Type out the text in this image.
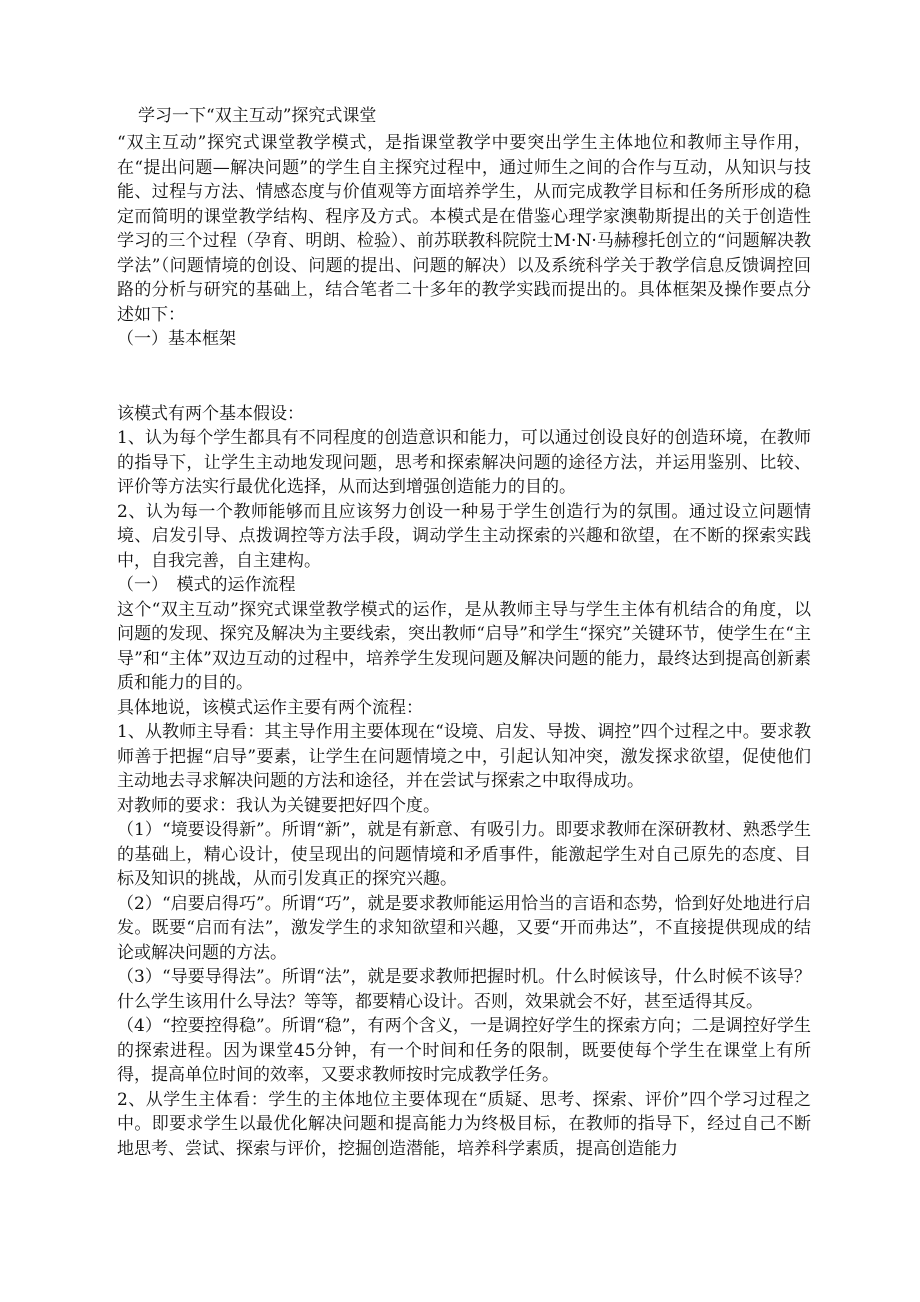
学习一下“双主互动”探究式课堂

“双主互动”探究式课堂教学模式，是指课堂教学中要突出学生主体地位和教师主导作用，在“提出问题—解决问题”的学生自主探究过程中，通过师生之间的合作与互动，从知识与技能、过程与方法、情感态度与价值观等方面培养学生，从而完成教学目标和任务所形成的稳定而简明的课堂教学结构、程序及方式。本模式是在借鉴心理学家澳勒斯提出的关于创造性学习的三个过程（孕育、明朗、检验）、前苏联教科院院士M·N·马赫穆托创立的“问题解决教学法”（问题情境的创设、问题的提出、问题的解决）以及系统科学关于教学信息反馈调控回路的分析与研究的基础上，结合笔者二十多年的教学实践而提出的。具体框架及操作要点分述如下：

（一）基本框架

该模式有两个基本假设：

1、认为每个学生都具有不同程度的创造意识和能力，可以通过创设良好的创造环境，在教师的指导下，让学生主动地发现问题，思考和探索解决问题的途径方法，并运用鉴别、比较、评价等方法实行最优化选择，从而达到增强创造能力的目的。

2、认为每一个教师能够而且应该努力创设一种易于学生创造行为的氛围。通过设立问题情境、启发引导、点拨调控等方法手段，调动学生主动探索的兴趣和欲望，在不断的探索实践中，自我完善，自主建构。

（一）　模式的运作流程

这个“双主互动”探究式课堂教学模式的运作，是从教师主导与学生主体有机结合的角度，以问题的发现、探究及解决为主要线索，突出教师“启导”和学生“探究”关键环节，使学生在“主导”和“主体”双边互动的过程中，培养学生发现问题及解决问题的能力，最终达到提高创新素质和能力的目的。

具体地说，该模式运作主要有两个流程：

1、从教师主导看：其主导作用主要体现在“设境、启发、导拨、调控”四个过程之中。要求教师善于把握“启导”要素，让学生在问题情境之中，引起认知冲突，激发探求欲望，促使他们主动地去寻求解决问题的方法和途径，并在尝试与探索之中取得成功。

对教师的要求：我认为关键要把好四个度。

（1）“境要设得新”。所谓“新”，就是有新意、有吸引力。即要求教师在深研教材、熟悉学生的基础上，精心设计，使呈现出的问题情境和矛盾事件，能激起学生对自己原先的态度、目标及知识的挑战，从而引发真正的探究兴趣。

（2）“启要启得巧”。所谓“巧”，就是要求教师能运用恰当的言语和态势，恰到好处地进行启发。既要“启而有法”，激发学生的求知欲望和兴趣，又要“开而弗达”，不直接提供现成的结论或解决问题的方法。

（3）“导要导得法”。所谓“法”，就是要求教师把握时机。什么时候该导，什么时候不该导？什么学生该用什么导法？等等，都要精心设计。否则，效果就会不好，甚至适得其反。

（4）“控要控得稳”。所谓“稳”，有两个含义，一是调控好学生的探索方向；二是调控好学生的探索进程。因为课堂45分钟，有一个时间和任务的限制，既要使每个学生在课堂上有所得，提高单位时间的效率，又要求教师按时完成教学任务。

2、从学生主体看：学生的主体地位主要体现在“质疑、思考、探索、评价”四个学习过程之中。即要求学生以最优化解决问题和提高能力为终极目标，在教师的指导下，经过自己不断地思考、尝试、探索与评价，挖掘创造潜能，培养科学素质，提高创造能力
